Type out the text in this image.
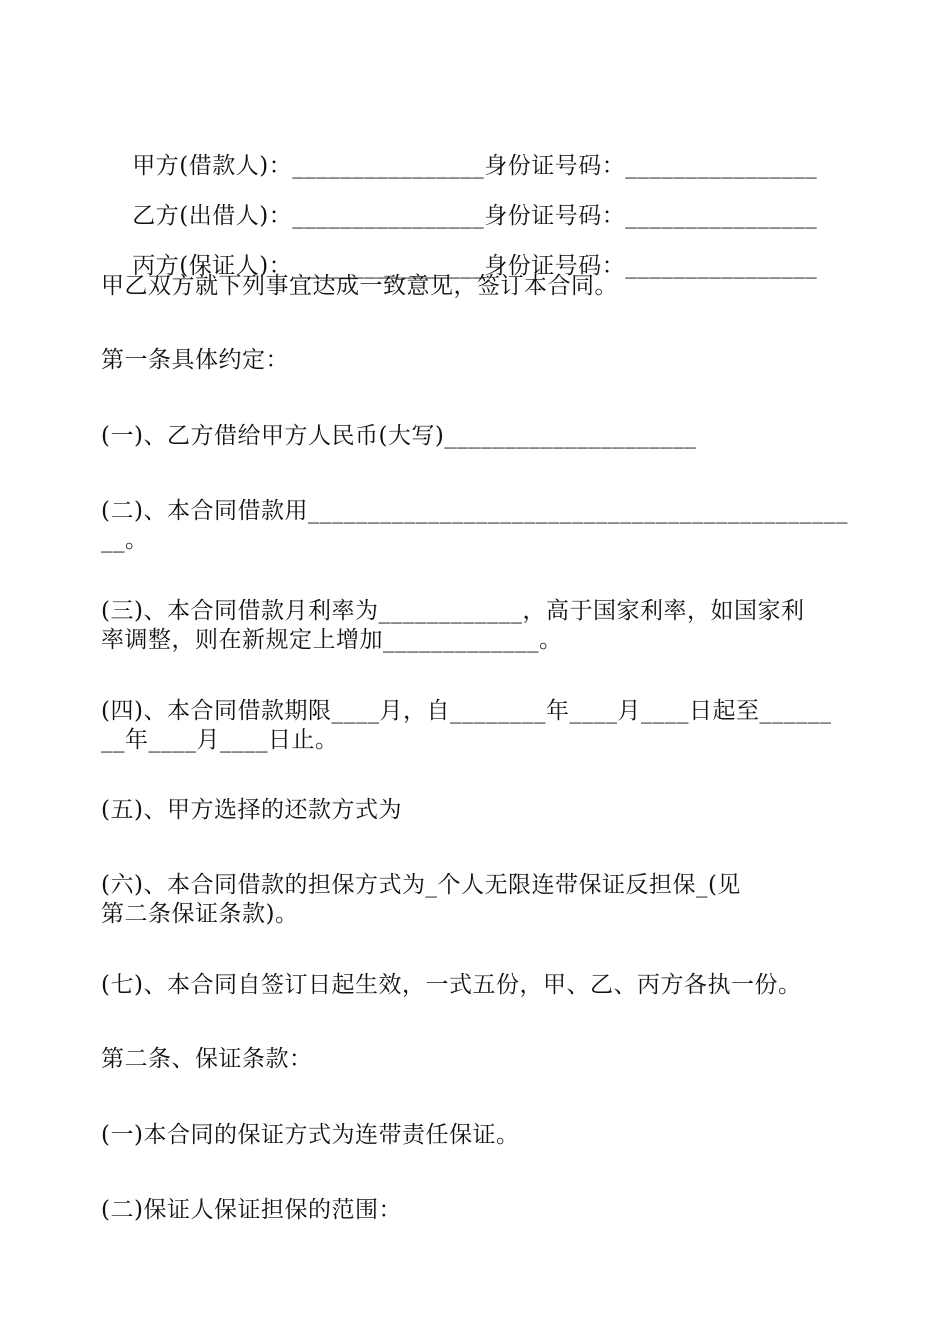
甲方(借款人)：________________身份证号码：________________

乙方(出借人)：________________身份证号码：________________

丙方(保证人)：________________身份证号码：________________

甲乙双方就下列事宜达成一致意见，签订本合同。
第一条具体约定：
(一)、乙方借给甲方人民币(大写)_____________________
(二)、本合同借款用_____________________________________________
__。
(三)、本合同借款月利率为____________，高于国家利率，如国家利
率调整，则在新规定上增加_____________。
(四)、本合同借款期限____月，自________年____月____日起至______
__年____月____日止。
(五)、甲方选择的还款方式为
(六)、本合同借款的担保方式为_个人无限连带保证反担保_(见
第二条保证条款)。
(七)、本合同自签订日起生效，一式五份，甲、乙、丙方各执一份。
第二条、保证条款：
(一)本合同的保证方式为连带责任保证。
(二)保证人保证担保的范围：
